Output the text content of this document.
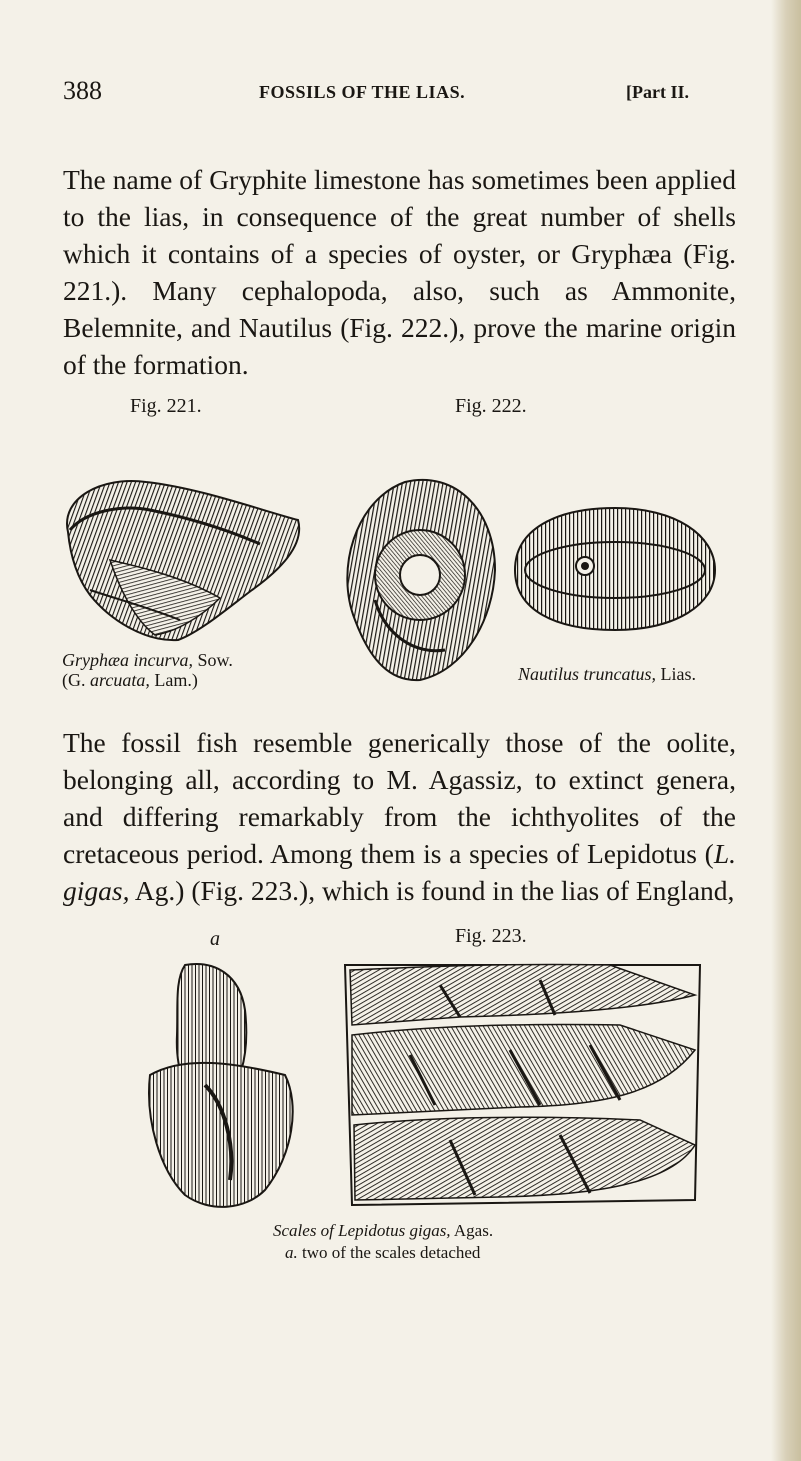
388	FOSSILS OF THE LIAS.	[Part II.

The name of Gryphite limestone has sometimes been applied to the lias, in consequence of the great number of shells which it contains of a species of oyster, or Gryphæa (Fig. 221.). Many cephalopoda, also, such as Ammonite, Belemnite, and Nautilus (Fig. 222.), prove the marine origin of the formation.

Fig. 221.	Fig. 222.
Gryphæa incurva, Sow.
(G. arcuata, Lam.)	Nautilus truncatus, Lias.

The fossil fish resemble generically those of the oolite, belonging all, according to M. Agassiz, to extinct genera, and differing remarkably from the ichthyolites of the cretaceous period. Among them is a species of Lepidotus (L. gigas, Ag.) (Fig. 223.), which is found in the lias of England,

a	Fig. 223.
Scales of Lepidotus gigas, Agas.
a. two of the scales detached
